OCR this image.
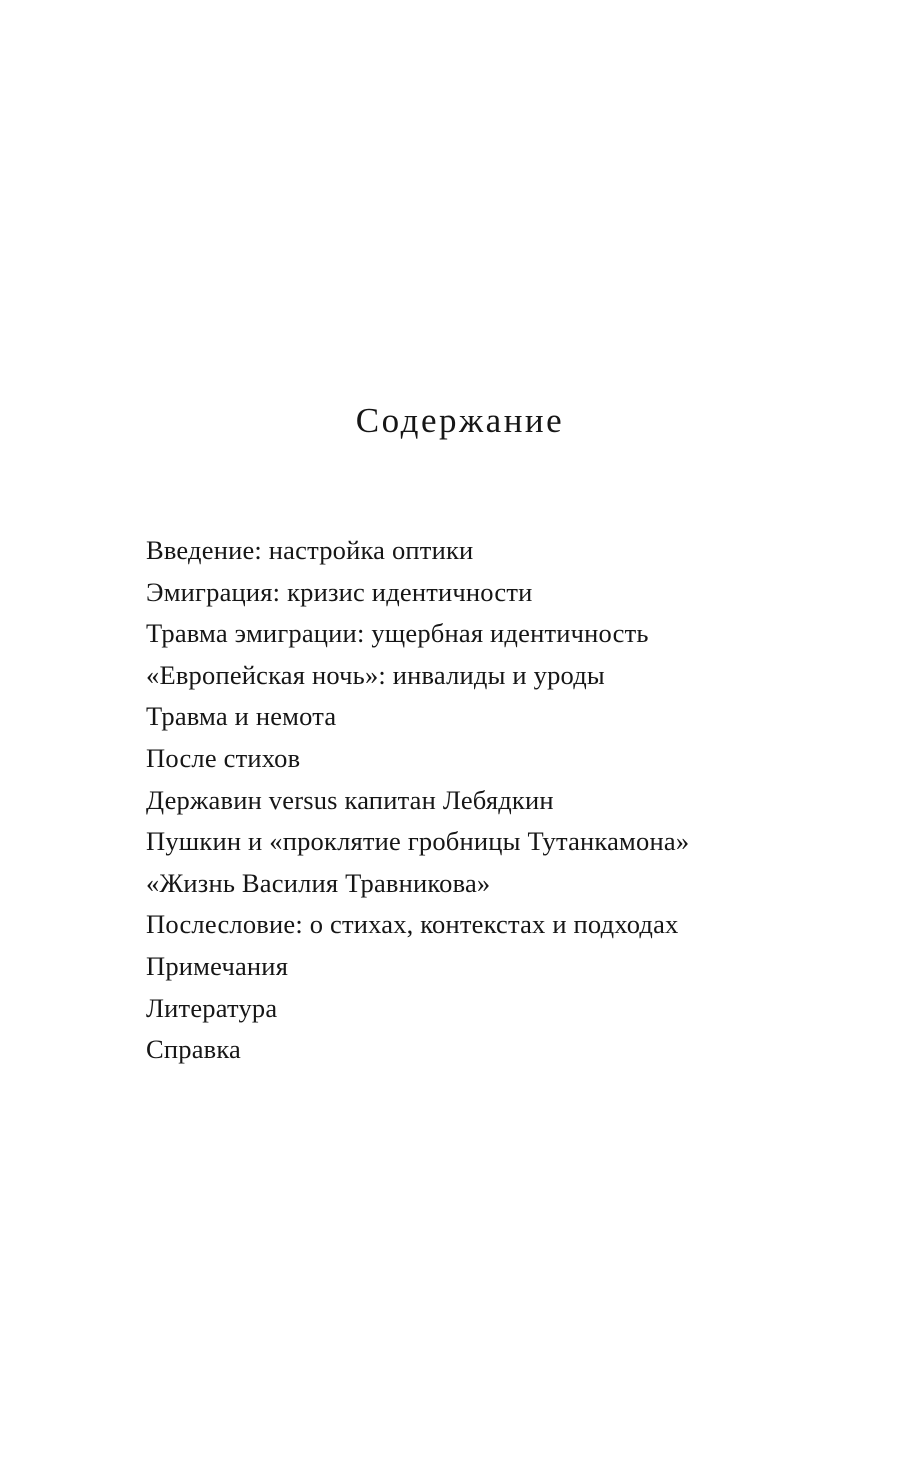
Содержание
Введение: настройка оптики
Эмиграция: кризис идентичности
Травма эмиграции: ущербная идентичность
«Европейская ночь»: инвалиды и уроды
Травма и немота
После стихов
Державин versus капитан Лебядкин
Пушкин и «проклятие гробницы Тутанкамона»
«Жизнь Василия Травникова»
Послесловие: о стихах, контекстах и подходах
Примечания
Литература
Справка
